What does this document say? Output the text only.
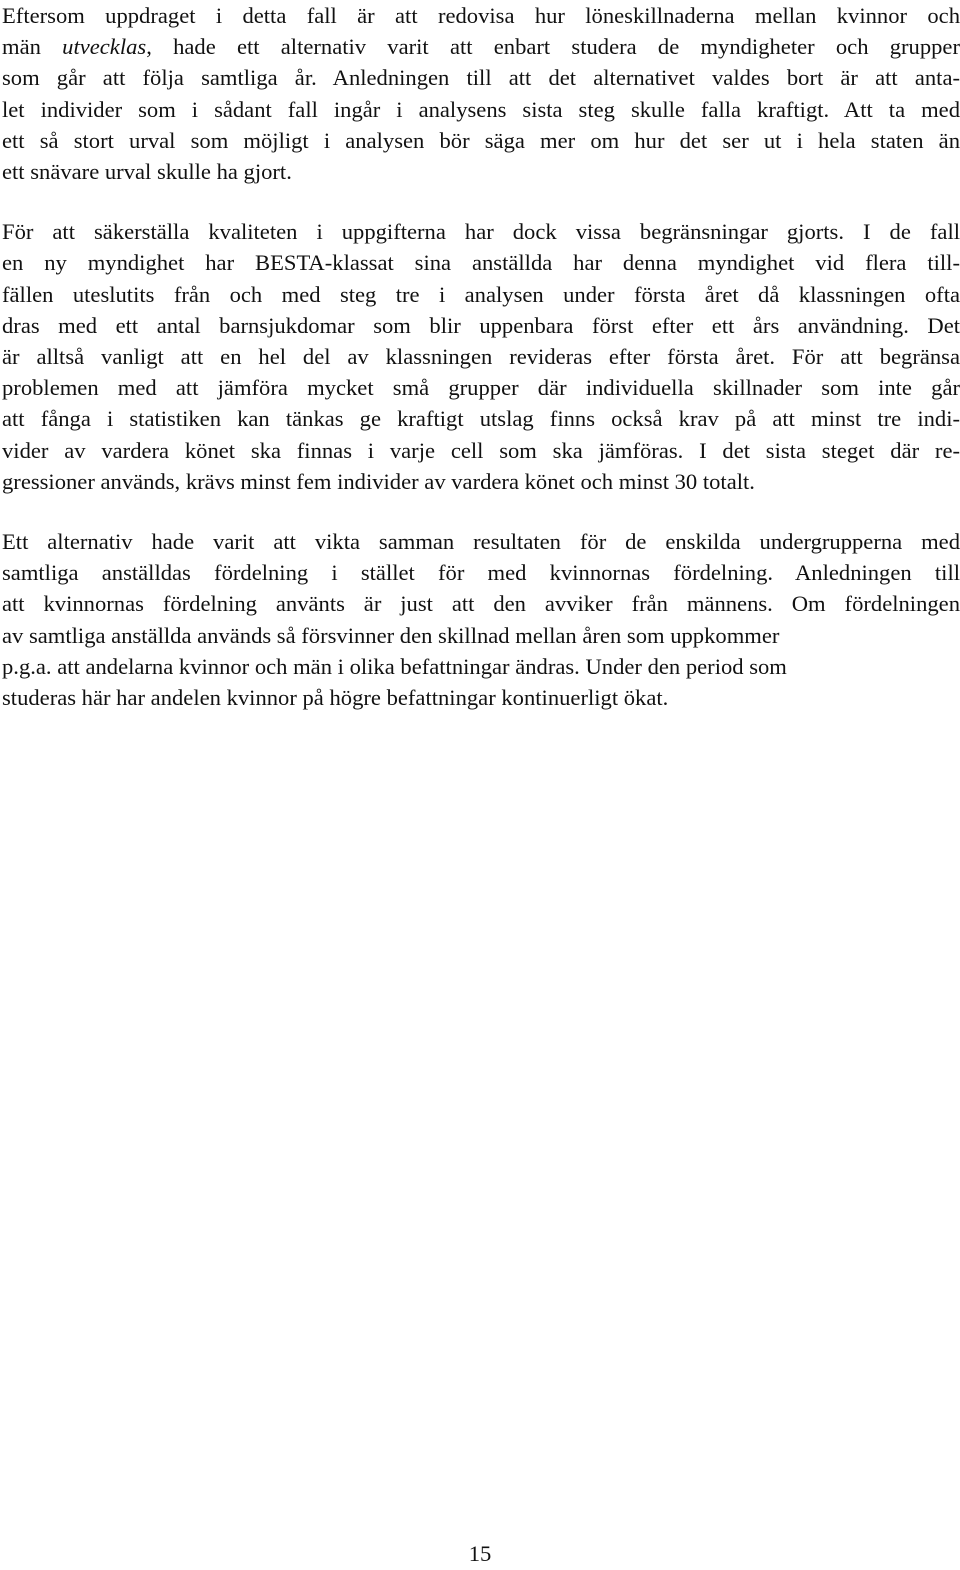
Eftersom uppdraget i detta fall är att redovisa hur löneskillnaderna mellan kvinnor och
män utvecklas, hade ett alternativ varit att enbart studera de myndigheter och grupper
som går att följa samtliga år. Anledningen till att det alternativet valdes bort är att anta-
let individer som i sådant fall ingår i analysens sista steg skulle falla kraftigt. Att ta med
ett så stort urval som möjligt i analysen bör säga mer om hur det ser ut i hela staten än
ett snävare urval skulle ha gjort.

För att säkerställa kvaliteten i uppgifterna har dock vissa begränsningar gjorts. I de fall
en ny myndighet har BESTA-klassat sina anställda har denna myndighet vid flera till-
fällen uteslutits från och med steg tre i analysen under första året då klassningen ofta
dras med ett antal barnsjukdomar som blir uppenbara först efter ett års användning. Det
är alltså vanligt att en hel del av klassningen revideras efter första året. För att begränsa
problemen med att jämföra mycket små grupper där individuella skillnader som inte går
att fånga i statistiken kan tänkas ge kraftigt utslag finns också krav på att minst tre indi-
vider av vardera könet ska finnas i varje cell som ska jämföras. I det sista steget där re-
gressioner används, krävs minst fem individer av vardera könet och minst 30 totalt.

Ett alternativ hade varit att vikta samman resultaten för de enskilda undergrupperna med
samtliga anställdas fördelning i stället för med kvinnornas fördelning. Anledningen till
att kvinnornas fördelning använts är just att den avviker från männens. Om fördelningen
av samtliga anställda används så försvinner den skillnad mellan åren som uppkommer
p.g.a. att andelarna kvinnor och män i olika befattningar ändras. Under den period som
studeras här har andelen kvinnor på högre befattningar kontinuerligt ökat.

15
